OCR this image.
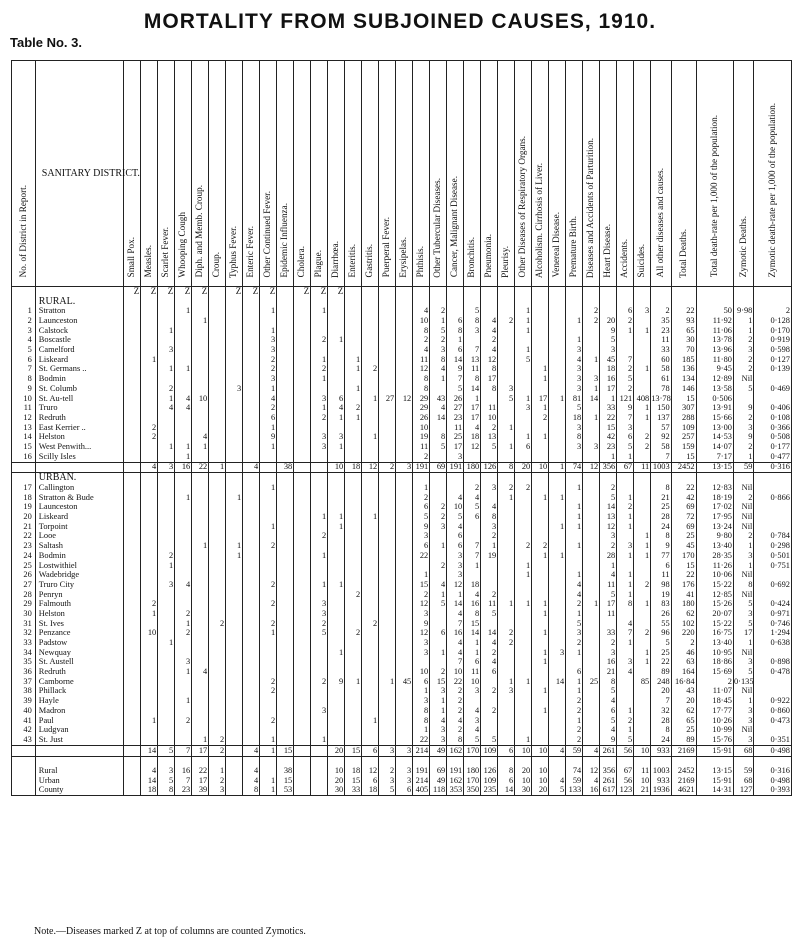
MORTALITY FROM SUBJOINED CAUSES, 1910.
Table No. 3.
No. of District in Report.	SANITARY DISTRICT.	Small Pox.	Measles.	Scarlet Fever.	Whooping Cough	Diph. and Memb. Croup.	Croup.	Typhus Fever.	Enteric Fever.	Other Continued Fever.	Epidemic Influenza.	Cholera.	Plague.	Diarrhœa.	Enteritis.	Gastritis.	Puerperal Fever.	Erysipelas.	Phthisis.	Other Tubercular Diseases.	Cancer, Malignant Disease.	Bronchitis.	Pneumonia.	Pleurisy.	Other Diseases of Respiratory Organs.	Alcoholism. Cirrhosis of Liver.	Venereal Disease.	Premature Birth.	Diseases and Accidents of Parturition.	Heart Disease.	Accidents.	Suicides.	All other diseases and causes.	Total Deaths.	Total death-rate per 1,000 of the population.	Zymotic Deaths.	Zymotic death-rate per 1,000 of the population.
		Z	Z	Z	Z	Z		Z	Z	Z		Z	Z	Z																							
	RURAL.																																				
1	Stratton				1					1			1						4	2		5			1				2		6	3	2	22	50	9·98	2
2	Launceston					1													10	1	6	8	4	2	1			1	2	20	2		35	93	11·92	1	0·128
3	Calstock			1						1									8	5	8	3	4		1					9	1	1	23	65	11·06	1	0·170
4	Boscastle									3			2	1					2	2	1		2					1		5			11	30	13·78	2	0·919
5	Camelford			3						3									4	3	6	7	4		1			3		3			33	70	13·96	3	0·598
6	Liskeard		1							2			1		1				11	8	14	13	12		5			4	1	45	7		60	185	11·80	2	0·127
7	St. Germans ..			1	1					2			2		1	2			12	4	9	11	8			1		3		18	2	1	58	136	9·45	2	0·139
8	Bodmin									3			1						8	1	7	8	17			1		3	3	16	5		61	134	12·89	Nil	
9	St. Columb			2				3		1					1				8		5	14	8	3				3	1	17	2		78	146	13·58	5	0·469
10	St. Au-tell			1	4	10				4			3	6		1	27	12	29	43	26	1		5	1	17	1	81	14	1	121	408	13·78	15	0·506		
11	Truro			4	4					2			1	4	2				29	4	27	17	11		3	1		5		33	9	1	150	307	13·91	9	0·406
12	Redruth									6			2	1	1				26	14	23	17	10			2		18	1	22	7	1	137	288	15·66	2	0·108
13	East Kerrier ..		2							1									10		11	4	2	1				3		15	3		57	109	13·00	3	0·366
14	Helston		2			4				9			3	3		1			19	8	25	18	13		1	1		8		42	6	2	92	257	14·53	9	0·508
15	West Penwith...			1	1	1				1			3	1					11	5	17	12	5	1	6			3	3	23	5	2	58	159	14·07	2	0·177
16	Scilly Isles				1														2		3									1	1		7	15	7·17	1	0·477
			4	3	16	22	1		4		38			10	18	12	2	3	191	69	191	180	126	8	20	10	1	74	12	356	67	11	1003	2452	13·15	59	0·316
	URBAN.																																				
17	Callington									1									1			2	3	2	2			1		2			8	22	12·83	Nil	
18	Stratton & Bude				1			1											2		4	4		1		1	1			5	1		21	42	18·19	2	0·866
19	Launceston																		6	2	10	5	4					1		14	2		25	69	17·02	Nil	
20	Liskeard												1	1		1			5	2	5	6	8					1		13	1		28	72	17·95	Nil	
21	Torpoint									1				1					9	3	4		3				1	1		12	1		24	69	13·24	Nil	
22	Looe												2						3		6		2							3		1	8	25	9·80	2	0·784
23	Saltash					1		1		2									6	1	6	7	1		2	2		1		2	3	1	9	45	13·40	1	0·298
24	Bodmin			2				1					1						22		3	7	19			1	1			28	1	1	77	170	28·35	3	0·501
25	Lostwithiel			1																2	3	1			1					1			6	15	11·26	1	0·751
26	Wadebridge																		1		3				1			1		4	1		11	22	10·06	Nil	
27	Truro City			3	4					2			1	1					15	4	12	18						4		11	1	2	98	176	15·22	8	0·692
28	Penryn														2				2	1	1	4	2					4		5	1		19	41	12·85	Nil	
29	Falmouth		2							2			3						12	5	14	16	11	1	1	1		2	1	17	8	1	83	180	15·26	5	0·424
30	Helston		1		2								3						3		4	8	5			1		1		11			26	62	20·07	3	0·971
31	St. Ives				1		2			2			2			2			9		7	15						5			4		55	102	15·22	5	0·746
32	Penzance		10		2					1			5		2				12	6	16	14	14	2		1		3		33	7	2	96	220	16·75	17	1·294
33	Padstow			1															3		4	1	4	2				2		2	1		5	2	13·40	1	0·638
34	Newquay													1					3	1	4	1	2			1	3	1		3		1	25	46	10·95	Nil	
35	St. Austell				3																7	6	4			1				16	3	1	22	63	18·86	3	0·898
36	Redruth				1	4													10	2	10	11	6					6		21	4		89	164	15·69	5	0·478
37	Camborne									2			2	9	1		1	45	6	15	22	10		1	1		14	1	25	8		85	248	16·84	2	0·135	
38	Phillack									2									1	3	2	3	2	3		1		1		5			20	43	11·07	Nil	
39	Hayle				1														3	1	2							2		4			7	20	18·45	1	0·922
40	Madron												3						8	1	2	4	2			1		2		6	1		32	62	17·77	3	0·860
41	Paul		1		2					2						1			8	4	4	3						1		5	2		28	65	10·26	3	0·473
42	Ludgvan																		1	3	2	4						2		4	1		8	25	10·99	Nil	
43	St. Just					1	2			1			1						22	3	8	5	5		1			2		9	5		24	89	15·76	3	0·351
			14	5	7	17	2		4	1	15			20	15	6	3	3	214	49	162	170	109	6	10	10	4	59	4	261	56	10	933	2169	15·91	68	0·498

	Rural		4	3	16	22	1		4		38			10	18	12	2	3	191	69	191	180	126	8	20	10		74	12	356	67	11	1003	2452	13·15	59	0·316
	Urban		14	5	7	17	2		4	1	15			20	15	6	3	3	214	49	162	170	109	6	10	10	4	59	4	261	56	10	933	2169	15·91	68	0·498
	County		18	8	23	39	3		8	1	53			30	33	18	5	6	405	118	353	350	235	14	30	20	5	133	16	617	123	21	1936	4621	14·31	127	0·393
Note.—Diseases marked Z at top of columns are counted Zymotics.
